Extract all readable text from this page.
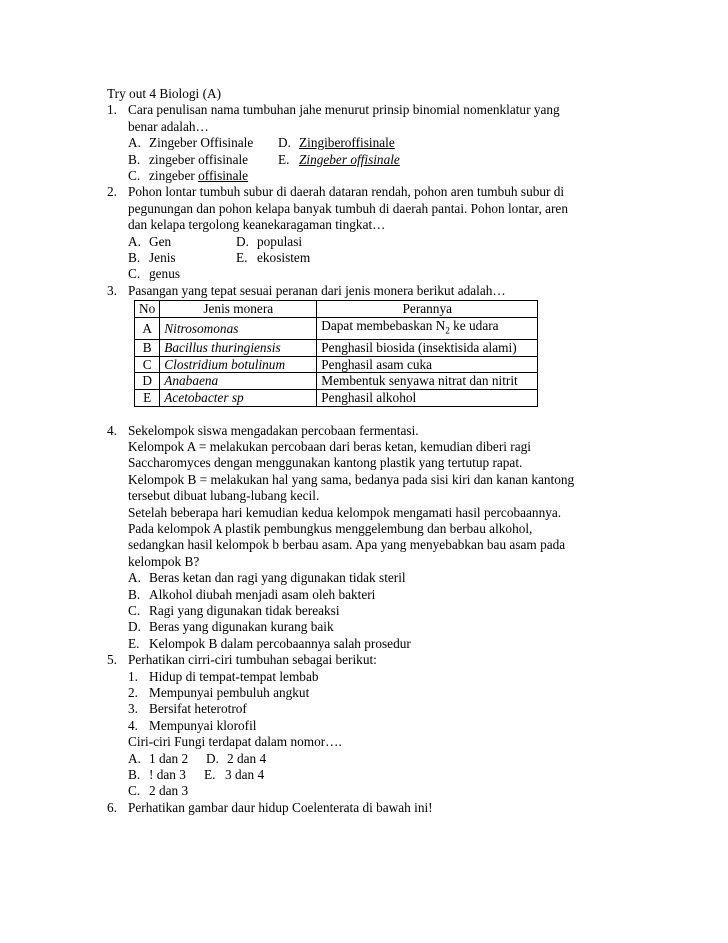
Try out 4 Biologi (A)
1. Cara penulisan nama tumbuhan jahe menurut prinsip binomial nomenklatur yang
benar adalah…
A. Zingeber Offisinale	D. Zingiberoffisinale
B. zingeber offisinale	E. Zingeber offisinale
C. zingeber offisinale
2. Pohon lontar tumbuh subur di daerah dataran rendah, pohon aren tumbuh subur di
pegunungan dan pohon kelapa banyak tumbuh di daerah pantai. Pohon lontar, aren
dan kelapa tergolong keanekaragaman tingkat…
A. Gen	D. populasi
B. Jenis	E. ekosistem
C. genus
3. Pasangan yang tepat sesuai peranan dari jenis monera berikut adalah…
No	Jenis monera	Perannya
A	Nitrosomonas	Dapat membebaskan $N_2$ ke udara
B	Bacillus thuringiensis	Penghasil biosida (insektisida alami)
C	Clostridium botulinum	Penghasil asam cuka
D	Anabaena	Membentuk senyawa nitrat dan nitrit
E	Acetobacter sp	Penghasil alkohol
4. Sekelompok siswa mengadakan percobaan fermentasi.
Kelompok A = melakukan percobaan dari beras ketan, kemudian diberi ragi
Saccharomyces dengan menggunakan kantong plastik yang tertutup rapat.
Kelompok B = melakukan hal yang sama, bedanya pada sisi kiri dan kanan kantong
tersebut dibuat lubang-lubang kecil.
Setelah beberapa hari kemudian kedua kelompok mengamati hasil percobaannya.
Pada kelompok A plastik pembungkus menggelembung dan berbau alkohol,
sedangkan hasil kelompok b berbau asam. Apa yang menyebabkan bau asam pada
kelompok B?
A. Beras ketan dan ragi yang digunakan tidak steril
B. Alkohol diubah menjadi asam oleh bakteri
C. Ragi yang digunakan tidak bereaksi
D. Beras yang digunakan kurang baik
E. Kelompok B dalam percobaannya salah prosedur
5. Perhatikan cirri-ciri tumbuhan sebagai berikut:
1. Hidup di tempat-tempat lembab
2. Mempunyai pembuluh angkut
3. Bersifat heterotrof
4. Mempunyai klorofil
Ciri-ciri Fungi terdapat dalam nomor….
A. 1 dan 2	D. 2 dan 4
B. ! dan 3	E. 3 dan 4
C. 2 dan 3
6. Perhatikan gambar daur hidup Coelenterata di bawah ini!
